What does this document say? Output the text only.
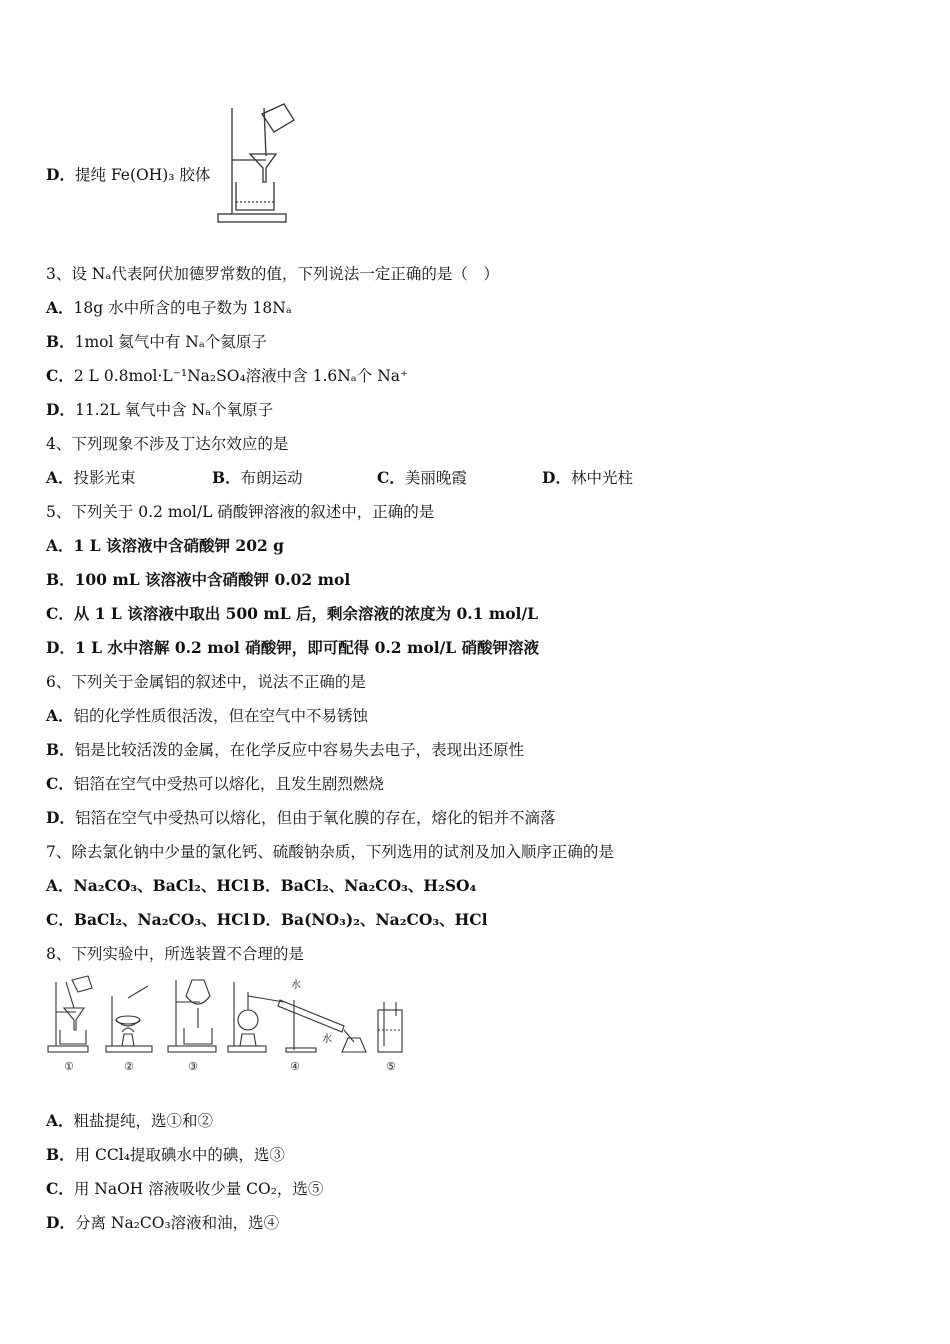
D．提纯 Fe(OH)₃ 胶体
3、设 Nₐ代表阿伏加德罗常数的值，下列说法一定正确的是（　）
A．18g 水中所含的电子数为 18Nₐ
B．1mol 氦气中有 Nₐ个氦原子
C．2 L 0.8mol·L⁻¹Na₂SO₄溶液中含 1.6Nₐ个 Na⁺
D．11.2L 氧气中含 Nₐ个氧原子
4、下列现象不涉及丁达尔效应的是
A．投影光束	B．布朗运动	C．美丽晚霞	D．林中光柱
5、下列关于 0.2 mol/L 硝酸钾溶液的叙述中，正确的是
A．1 L 该溶液中含硝酸钾 202 g
B．100 mL 该溶液中含硝酸钾 0.02 mol
C．从 1 L 该溶液中取出 500 mL 后，剩余溶液的浓度为 0.1 mol/L
D．1 L 水中溶解 0.2 mol 硝酸钾，即可配得 0.2 mol/L 硝酸钾溶液
6、下列关于金属铝的叙述中，说法不正确的是
A．铝的化学性质很活泼，但在空气中不易锈蚀
B．铝是比较活泼的金属，在化学反应中容易失去电子，表现出还原性
C．铝箔在空气中受热可以熔化，且发生剧烈燃烧
D．铝箔在空气中受热可以熔化，但由于氧化膜的存在，熔化的铝并不滴落
7、除去氯化钠中少量的氯化钙、硫酸钠杂质，下列选用的试剂及加入顺序正确的是
A．Na₂CO₃、BaCl₂、HCl B．BaCl₂、Na₂CO₃、H₂SO₄
C．BaCl₂、Na₂CO₃、HCl D．Ba(NO₃)₂、Na₂CO₃、HCl
8、下列实验中，所选装置不合理的是
水
水
①	②	③	④	⑤
A．粗盐提纯，选①和②
B．用 CCl₄提取碘水中的碘，选③
C．用 NaOH 溶液吸收少量 CO₂，选⑤
D．分离 Na₂CO₃溶液和油，选④
